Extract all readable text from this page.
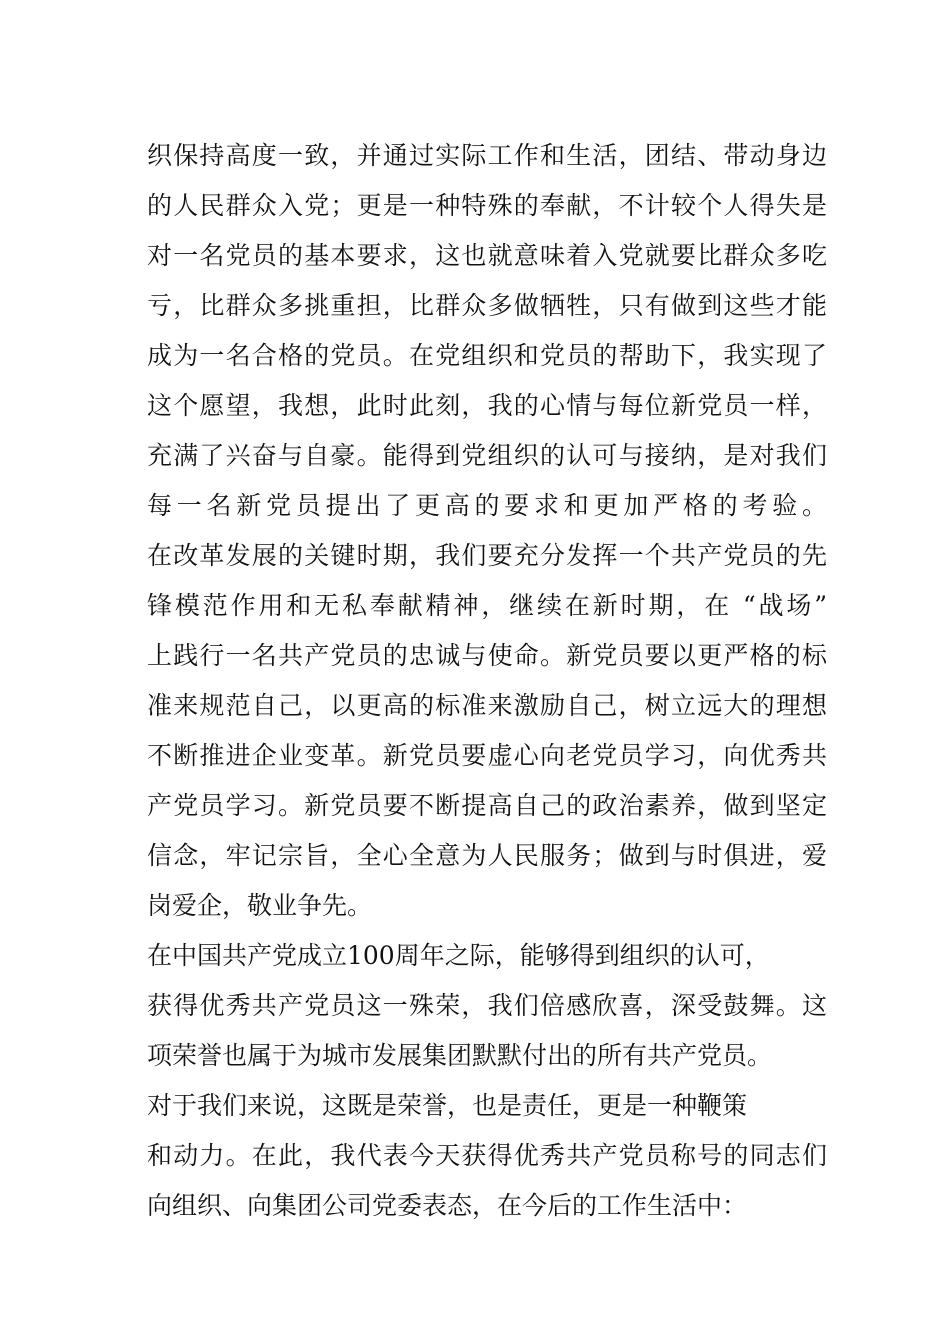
织保持高度一致，并通过实际工作和生活，团结、带动身边
的人民群众入党；更是一种特殊的奉献，不计较个人得失是
对一名党员的基本要求，这也就意味着入党就要比群众多吃
亏，比群众多挑重担，比群众多做牺牲，只有做到这些才能
成为一名合格的党员。在党组织和党员的帮助下，我实现了
这个愿望，我想，此时此刻，我的心情与每位新党员一样，
充满了兴奋与自豪。能得到党组织的认可与接纳，是对我们
每一名新党员提出了更高的要求和更加严格的考验。
在改革发展的关键时期，我们要充分发挥一个共产党员的先
锋模范作用和无私奉献精神，继续在新时期，在 “战场”
上践行一名共产党员的忠诚与使命。新党员要以更严格的标
准来规范自己，以更高的标准来激励自己，树立远大的理想
不断推进企业变革。新党员要虚心向老党员学习，向优秀共
产党员学习。新党员要不断提高自己的政治素养，做到坚定
信念，牢记宗旨，全心全意为人民服务；做到与时俱进，爱
岗爱企，敬业争先。
在中国共产党成立100周年之际，能够得到组织的认可，
获得优秀共产党员这一殊荣，我们倍感欣喜，深受鼓舞。这
项荣誉也属于为城市发展集团默默付出的所有共产党员。
对于我们来说，这既是荣誉，也是责任，更是一种鞭策
和动力。在此，我代表今天获得优秀共产党员称号的同志们
向组织、向集团公司党委表态，在今后的工作生活中：
